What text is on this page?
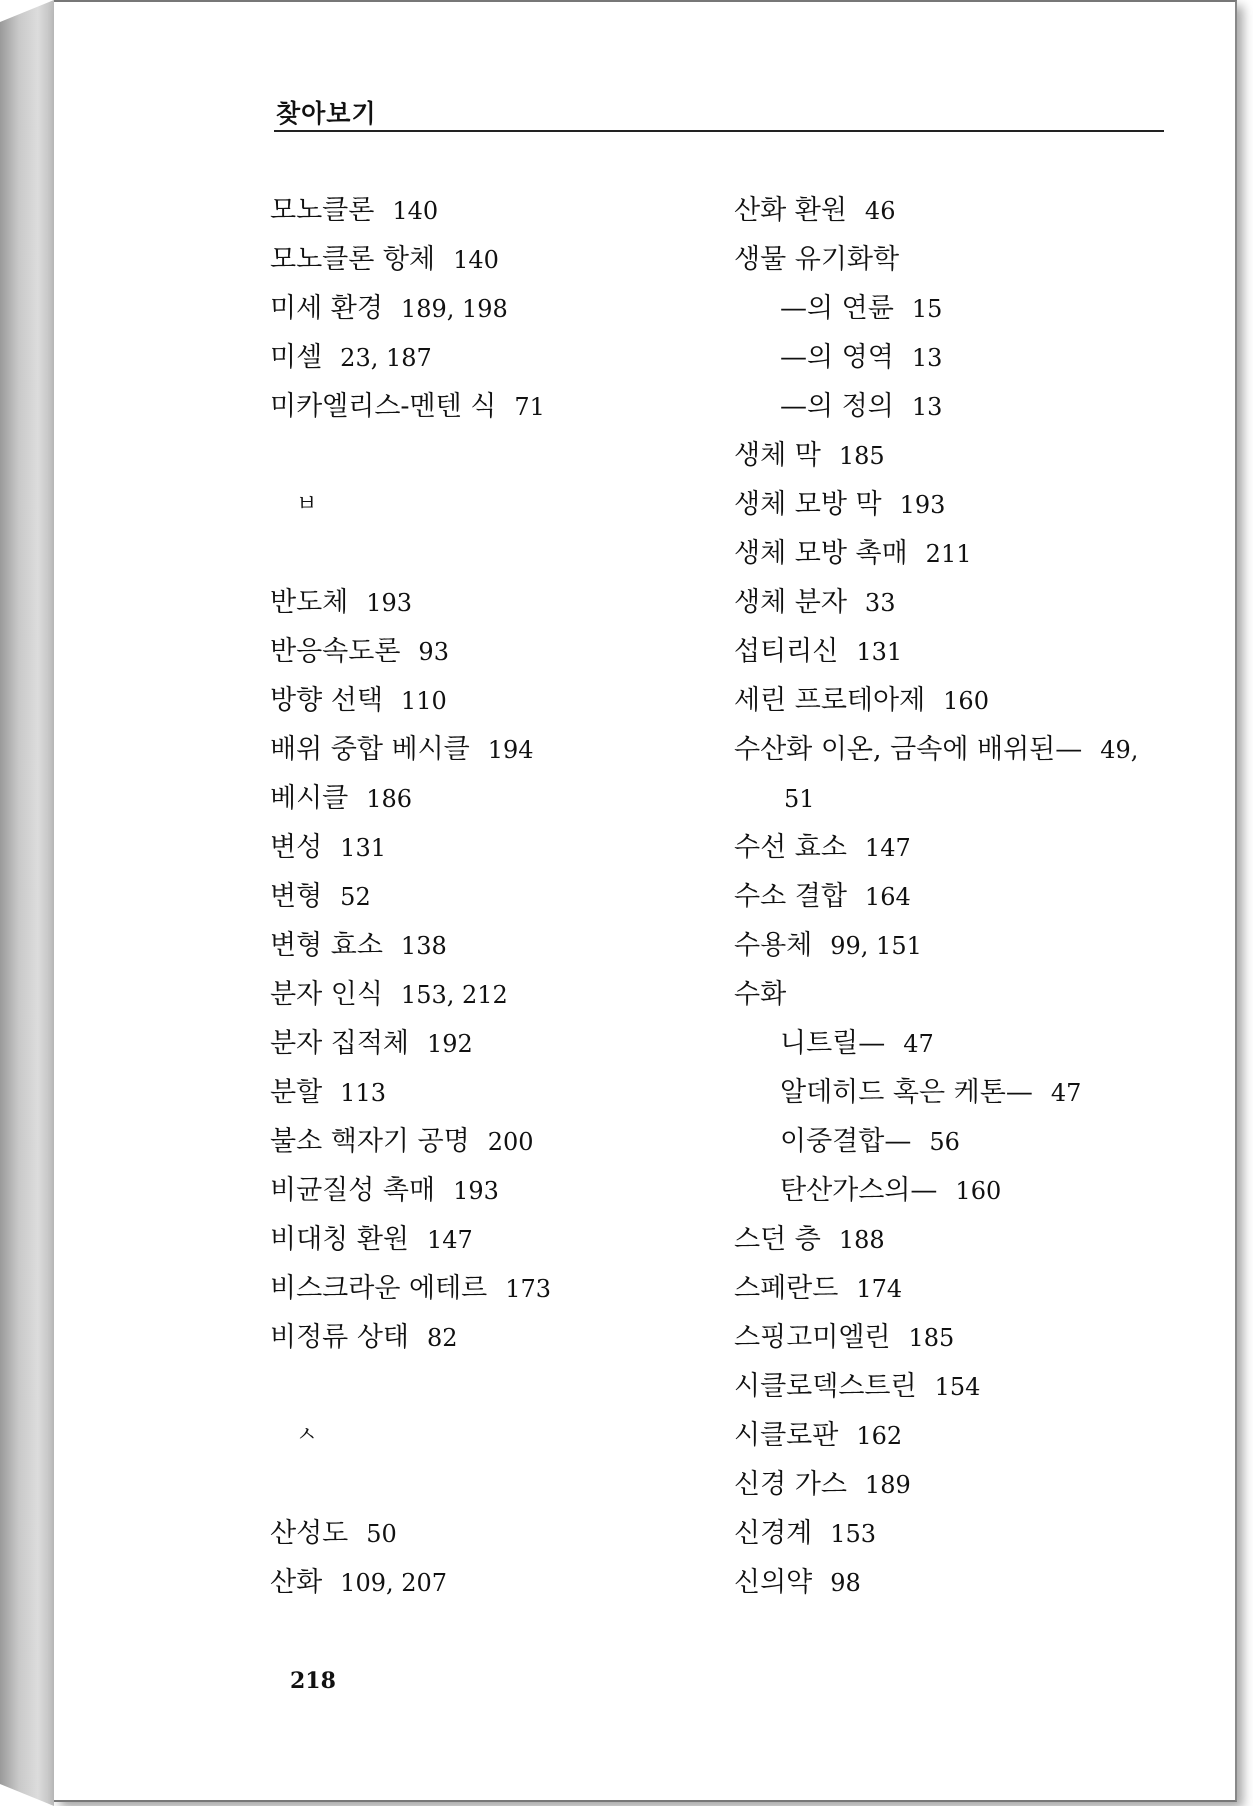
찾아보기
모노클론 140
모노클론 항체 140
미세 환경 189, 198
미셀 23, 187
미카엘리스-멘텐 식 71
ㅂ
반도체 193
반응속도론 93
방향 선택 110
배위 중합 베시클 194
베시클 186
변성 131
변형 52
변형 효소 138
분자 인식 153, 212
분자 집적체 192
분할 113
불소 핵자기 공명 200
비균질성 촉매 193
비대칭 환원 147
비스크라운 에테르 173
비정류 상태 82
ㅅ
산성도 50
산화 109, 207
산화 환원 46
생물 유기화학
—의 연륜 15
—의 영역 13
—의 정의 13
생체 막 185
생체 모방 막 193
생체 모방 촉매 211
생체 분자 33
섭티리신 131
세린 프로테아제 160
수산화 이온, 금속에 배위된— 49,
51
수선 효소 147
수소 결합 164
수용체 99, 151
수화
니트릴— 47
알데히드 혹은 케톤— 47
이중결합— 56
탄산가스의— 160
스던 층 188
스페란드 174
스핑고미엘린 185
시클로덱스트린 154
시클로판 162
신경 가스 189
신경계 153
신의약 98
218
